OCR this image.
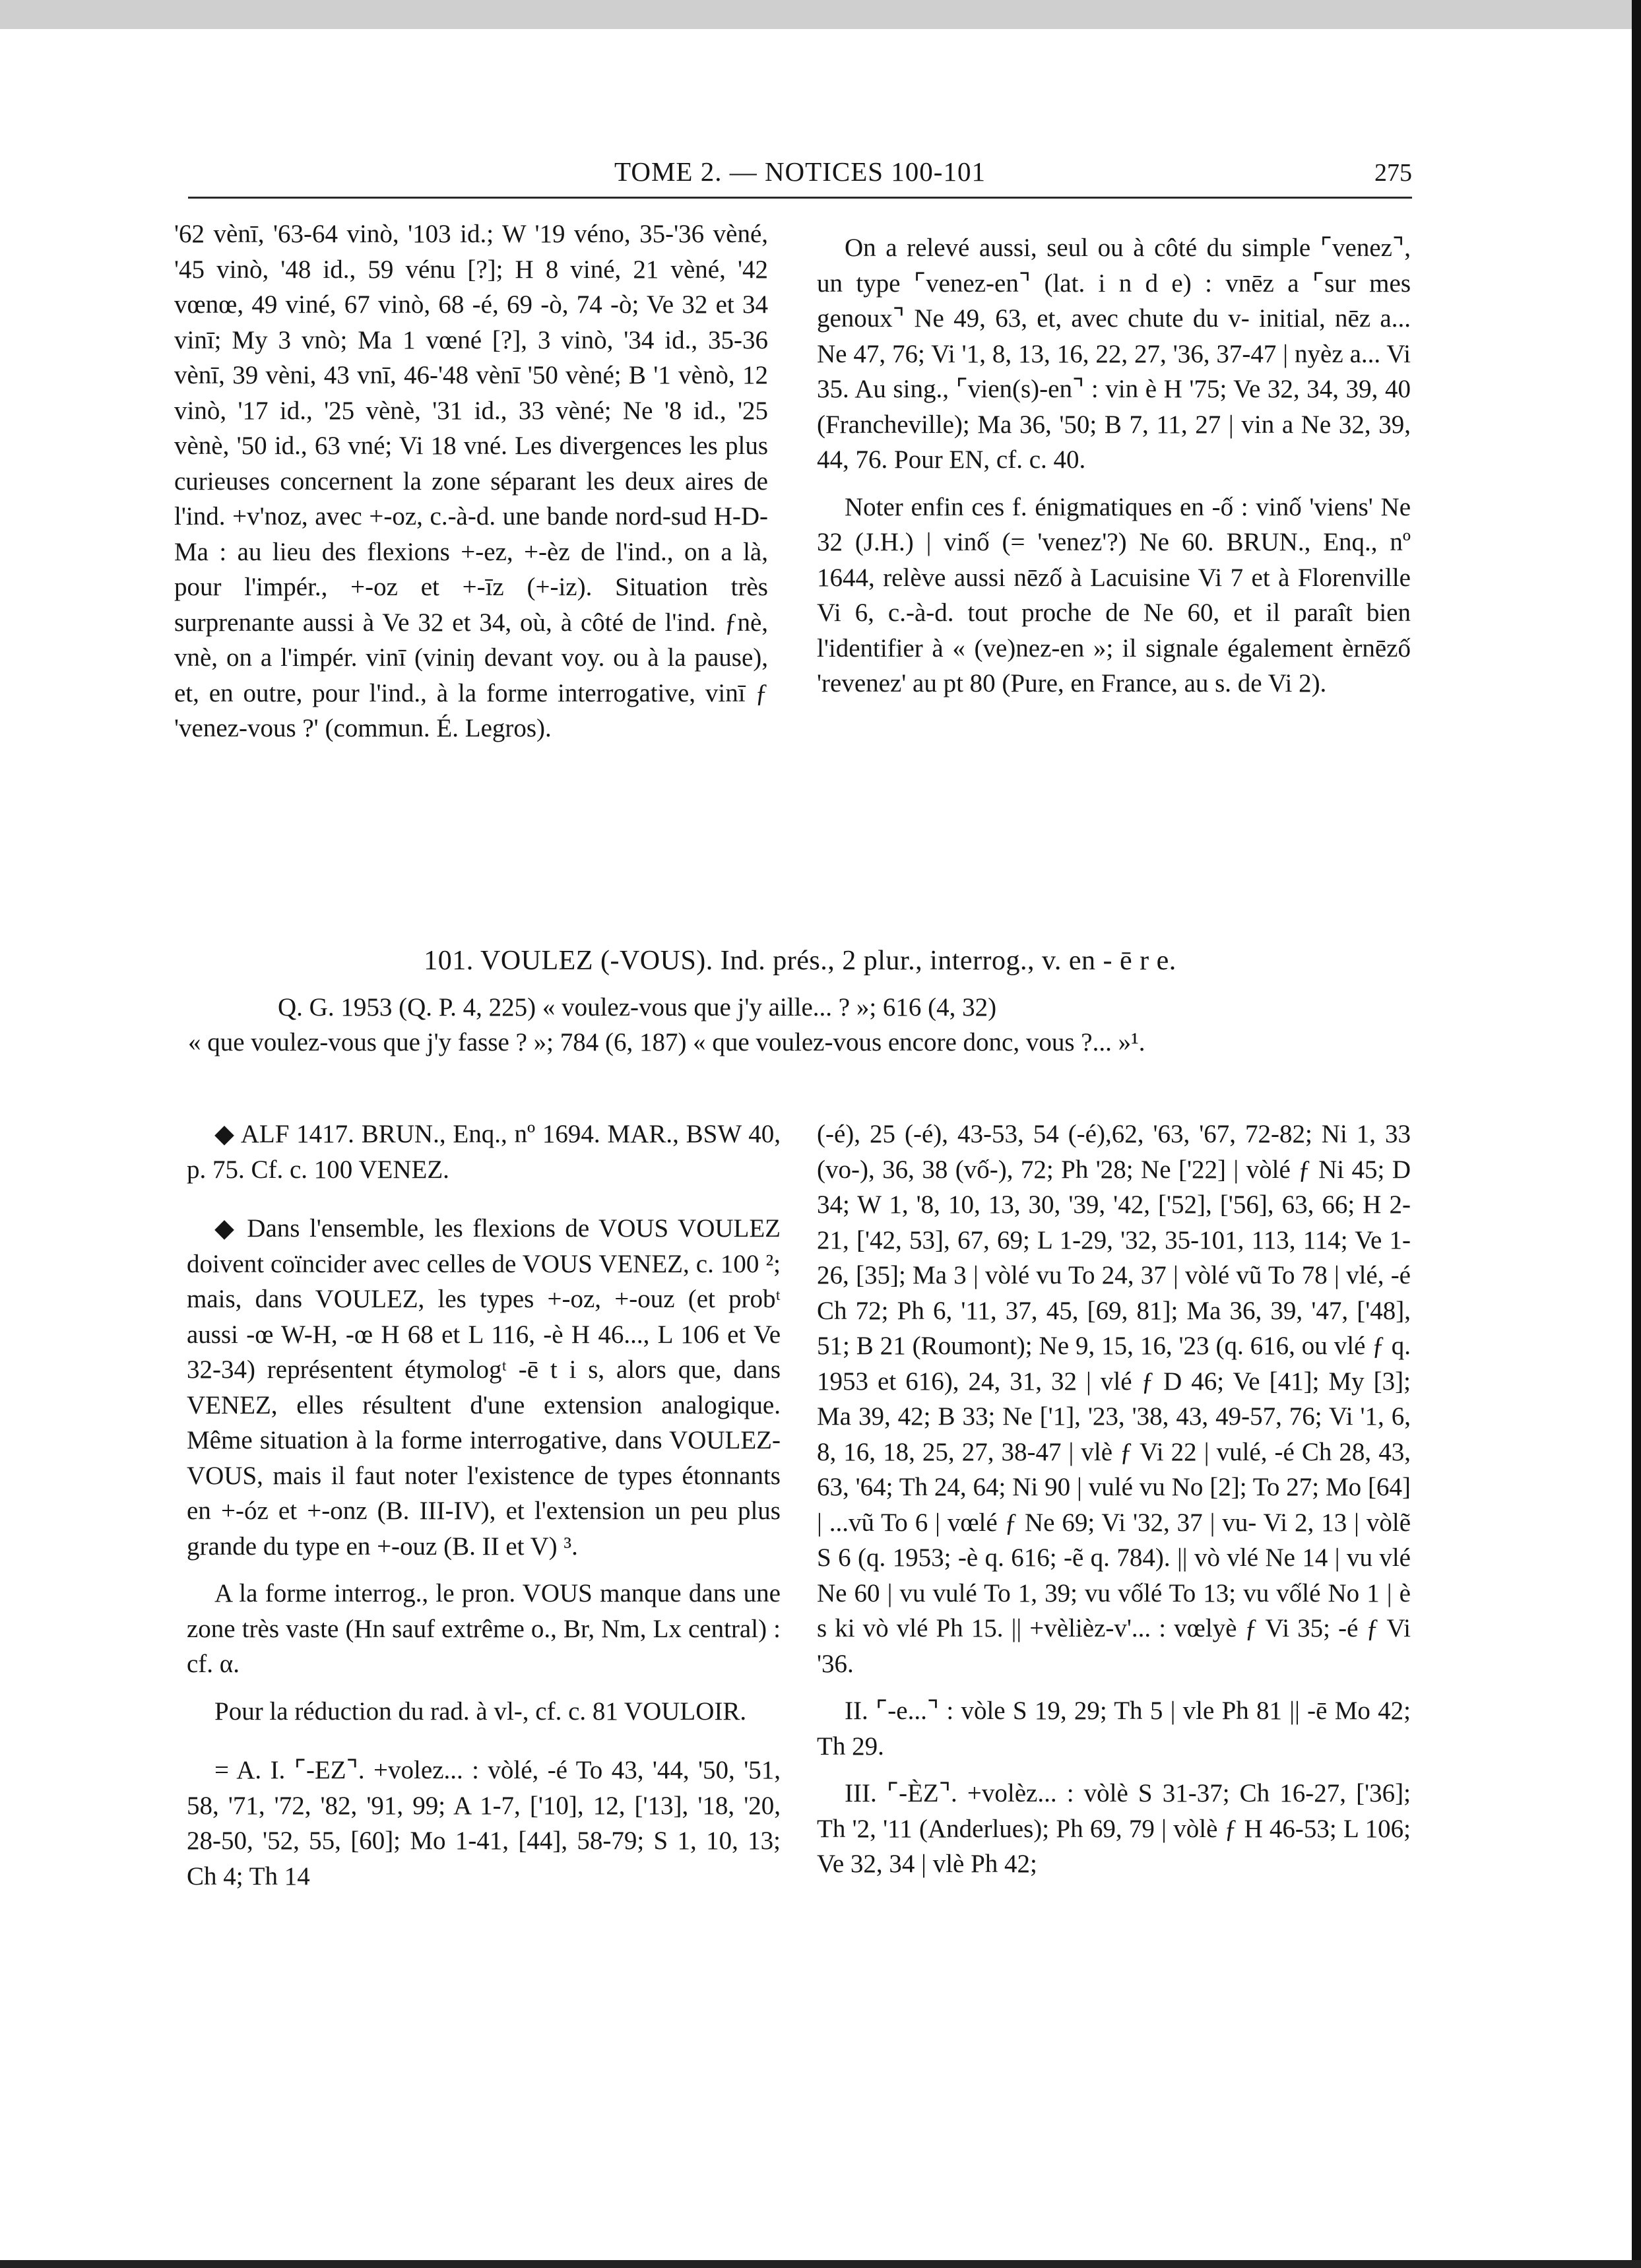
TOME 2. — NOTICES 100-101	275

'62 vènī, '63-64 vinò, '103 id.; W '19 véno, 35-'36 vèné, '45 vinò, '48 id., 59 vénu [?]; H 8 viné, 21 vèné, '42 vœnœ, 49 viné, 67 vinò, 68 -é, 69 -ò, 74 -ò; Ve 32 et 34 vinī; My 3 vnò; Ma 1 vœné [?], 3 vinò, '34 id., 35-36 vènī, 39 vèni, 43 vnī, 46-'48 vènī '50 vèné; B '1 vènò, 12 vinò, '17 id., '25 vènè, '31 id., 33 vèné; Ne '8 id., '25 vènè, '50 id., 63 vné; Vi 18 vné. Les divergences les plus curieuses concernent la zone séparant les deux aires de l'ind. +v'noz, avec +-oz, c.-à-d. une bande nord-sud H-D-Ma : au lieu des flexions +-ez, +-èz de l'ind., on a là, pour l'impér., +-oz et +-īz (+-iz). Situation très surprenante aussi à Ve 32 et 34, où, à côté de l'ind. ƒnè, vnè, on a l'impér. vinī (viniŋ devant voy. ou à la pause), et, en outre, pour l'ind., à la forme interrogative, vinī ƒ 'venez-vous ?' (commun. É. Legros).

On a relevé aussi, seul ou à côté du simple ⌜venez⌝, un type ⌜venez-en⌝ (lat. i n d e) : vnēz a ⌜sur mes genoux⌝ Ne 49, 63, et, avec chute du v- initial, nēz a... Ne 47, 76; Vi '1, 8, 13, 16, 22, 27, '36, 37-47 | nyèz a... Vi 35. Au sing., ⌜vien(s)-en⌝ : vin è H '75; Ve 32, 34, 39, 40 (Francheville); Ma 36, '50; B 7, 11, 27 | vin a Ne 32, 39, 44, 76. Pour EN, cf. c. 40.

Noter enfin ces f. énigmatiques en -ố : vinố 'viens' Ne 32 (J.H.) | vinố (= 'venez'?) Ne 60. BRUN., Enq., nº 1644, relève aussi nēzố à Lacuisine Vi 7 et à Florenville Vi 6, c.-à-d. tout proche de Ne 60, et il paraît bien l'identifier à « (ve)nez-en »; il signale également èrnēzố 'revenez' au pt 80 (Pure, en France, au s. de Vi 2).

101. VOULEZ (-VOUS). Ind. prés., 2 plur., interrog., v. en - ē r e.

Q. G. 1953 (Q. P. 4, 225) « voulez-vous que j'y aille... ? »; 616 (4, 32)

« que voulez-vous que j'y fasse ? »; 784 (6, 187) « que voulez-vous encore donc, vous ?... »¹.

◆ ALF 1417. BRUN., Enq., nº 1694. MAR., BSW 40, p. 75. Cf. c. 100 VENEZ.

◆ Dans l'ensemble, les flexions de VOUS VOULEZ doivent coïncider avec celles de VOUS VENEZ, c. 100 ²; mais, dans VOULEZ, les types +-oz, +-ouz (et probᵗ aussi -œ W-H, -œ H 68 et L 116, -è H 46..., L 106 et Ve 32-34) représentent étymologᵗ -ē t i s, alors que, dans VENEZ, elles résultent d'une extension analogique. Même situation à la forme interrogative, dans VOULEZ-VOUS, mais il faut noter l'existence de types étonnants en +-óz et +-onz (B. III-IV), et l'extension un peu plus grande du type en +-ouz (B. II et V) ³.

A la forme interrog., le pron. VOUS manque dans une zone très vaste (Hn sauf extrême o., Br, Nm, Lx central) : cf. α.

Pour la réduction du rad. à vl-, cf. c. 81 VOULOIR.

= A. I. ⌜-EZ⌝. +volez... : vòlé, -é To 43, '44, '50, '51, 58, '71, '72, '82, '91, 99; A 1-7, ['10], 12, ['13], '18, '20, 28-50, '52, 55, [60]; Mo 1-41, [44], 58-79; S 1, 10, 13; Ch 4; Th 14

(-é), 25 (-é), 43-53, 54 (-é),62, '63, '67, 72-82; Ni 1, 33 (vo-), 36, 38 (vố-), 72; Ph '28; Ne ['22] | vòlé ƒ Ni 45; D 34; W 1, '8, 10, 13, 30, '39, '42, ['52], ['56], 63, 66; H 2-21, ['42, 53], 67, 69; L 1-29, '32, 35-101, 113, 114; Ve 1-26, [35]; Ma 3 | vòlé vu To 24, 37 | vòlé vũ To 78 | vlé, -é Ch 72; Ph 6, '11, 37, 45, [69, 81]; Ma 36, 39, '47, ['48], 51; B 21 (Roumont); Ne 9, 15, 16, '23 (q. 616, ou vlé ƒ q. 1953 et 616), 24, 31, 32 | vlé ƒ D 46; Ve [41]; My [3]; Ma 39, 42; B 33; Ne ['1], '23, '38, 43, 49-57, 76; Vi '1, 6, 8, 16, 18, 25, 27, 38-47 | vlè ƒ Vi 22 | vulé, -é Ch 28, 43, 63, '64; Th 24, 64; Ni 90 | vulé vu No [2]; To 27; Mo [64] | ...vũ To 6 | vœlé ƒ Ne 69; Vi '32, 37 | vu- Vi 2, 13 | vòlẽ S 6 (q. 1953; -è q. 616; -ẽ q. 784). || vò vlé Ne 14 | vu vlé Ne 60 | vu vulé To 1, 39; vu vốlé To 13; vu vốlé No 1 | è s ki vò vlé Ph 15. || +vèlièz-v'... : vœlyè ƒ Vi 35; -é ƒ Vi '36.

II. ⌜-e...⌝ : vòle S 19, 29; Th 5 | vle Ph 81 || -ē Mo 42; Th 29.

III. ⌜-ÈZ⌝. +volèz... : vòlè S 31-37; Ch 16-27, ['36]; Th '2, '11 (Anderlues); Ph 69, 79 | vòlè ƒ H 46-53; L 106; Ve 32, 34 | vlè Ph 42;
